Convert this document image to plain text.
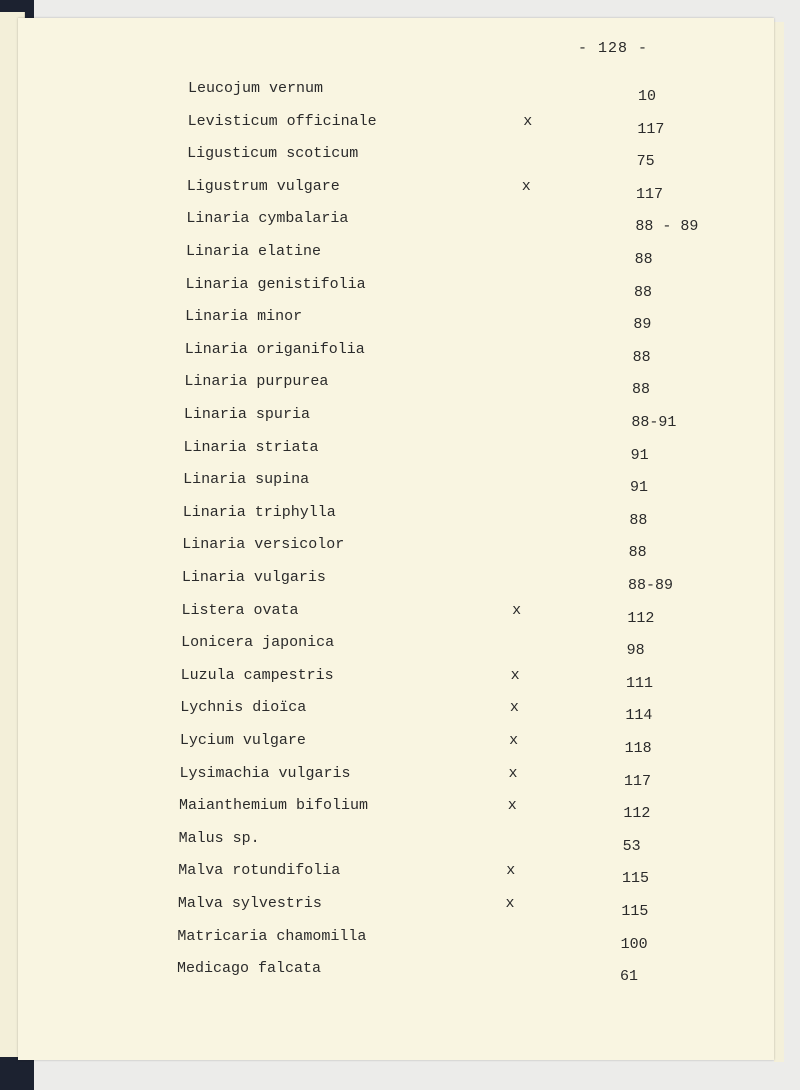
- 128 -
Leucojum vernum	10
Levisticum officinale	x	117
Ligusticum scoticum	75
Ligustrum vulgare	x	117
Linaria cymbalaria	88 - 89
Linaria elatine	88
Linaria genistifolia	88
Linaria minor	89
Linaria origanifolia	88
Linaria purpurea	88
Linaria spuria	88-91
Linaria striata	91
Linaria supina	91
Linaria triphylla	88
Linaria versicolor	88
Linaria vulgaris	88-89
Listera ovata	x	112
Lonicera japonica	98
Luzula campestris	x	111
Lychnis dioïca	x	114
Lycium vulgare	x	118
Lysimachia vulgaris	x	117
Maianthemium bifolium	x	112
Malus sp.	53
Malva rotundifolia	x	115
Malva sylvestris	x	115
Matricaria chamomilla	100
Medicago falcata	61
